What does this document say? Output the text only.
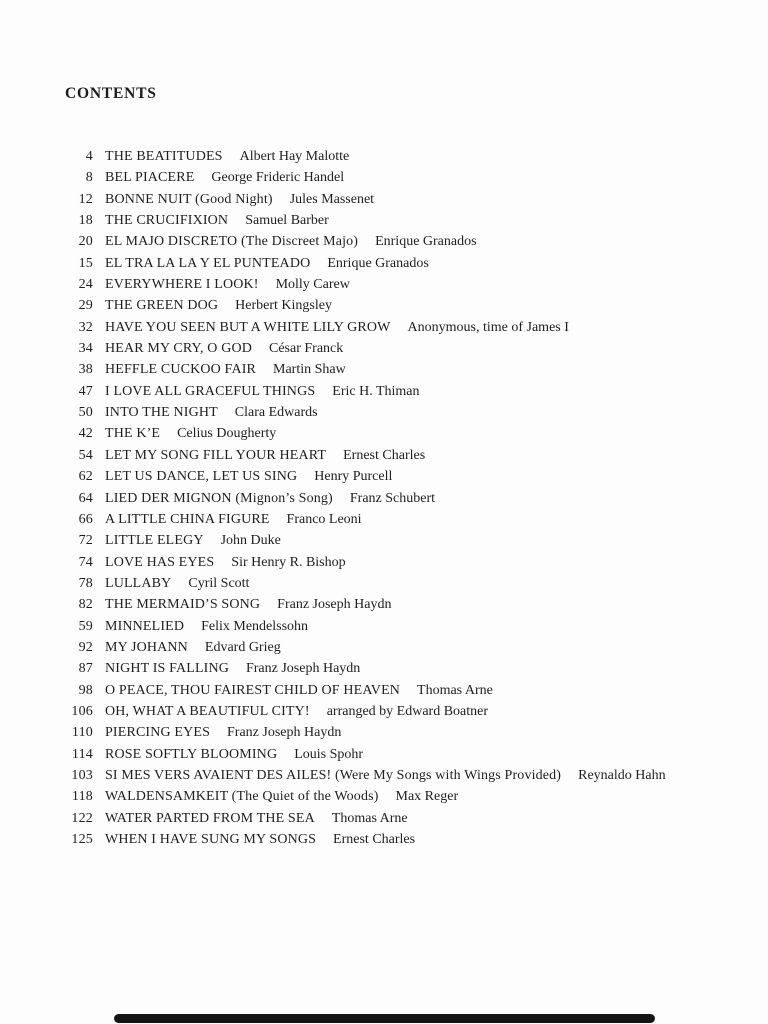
CONTENTS
4 THE BEATITUDES Albert Hay Malotte
8 BEL PIACERE George Frideric Handel
12 BONNE NUIT (Good Night) Jules Massenet
18 THE CRUCIFIXION Samuel Barber
20 EL MAJO DISCRETO (The Discreet Majo) Enrique Granados
15 EL TRA LA LA Y EL PUNTEADO Enrique Granados
24 EVERYWHERE I LOOK! Molly Carew
29 THE GREEN DOG Herbert Kingsley
32 HAVE YOU SEEN BUT A WHITE LILY GROW Anonymous, time of James I
34 HEAR MY CRY, O GOD César Franck
38 HEFFLE CUCKOO FAIR Martin Shaw
47 I LOVE ALL GRACEFUL THINGS Eric H. Thiman
50 INTO THE NIGHT Clara Edwards
42 THE K’E Celius Dougherty
54 LET MY SONG FILL YOUR HEART Ernest Charles
62 LET US DANCE, LET US SING Henry Purcell
64 LIED DER MIGNON (Mignon’s Song) Franz Schubert
66 A LITTLE CHINA FIGURE Franco Leoni
72 LITTLE ELEGY John Duke
74 LOVE HAS EYES Sir Henry R. Bishop
78 LULLABY Cyril Scott
82 THE MERMAID’S SONG Franz Joseph Haydn
59 MINNELIED Felix Mendelssohn
92 MY JOHANN Edvard Grieg
87 NIGHT IS FALLING Franz Joseph Haydn
98 O PEACE, THOU FAIREST CHILD OF HEAVEN Thomas Arne
106 OH, WHAT A BEAUTIFUL CITY! arranged by Edward Boatner
110 PIERCING EYES Franz Joseph Haydn
114 ROSE SOFTLY BLOOMING Louis Spohr
103 SI MES VERS AVAIENT DES AILES! (Were My Songs with Wings Provided) Reynaldo Hahn
118 WALDENSAMKEIT (The Quiet of the Woods) Max Reger
122 WATER PARTED FROM THE SEA Thomas Arne
125 WHEN I HAVE SUNG MY SONGS Ernest Charles
